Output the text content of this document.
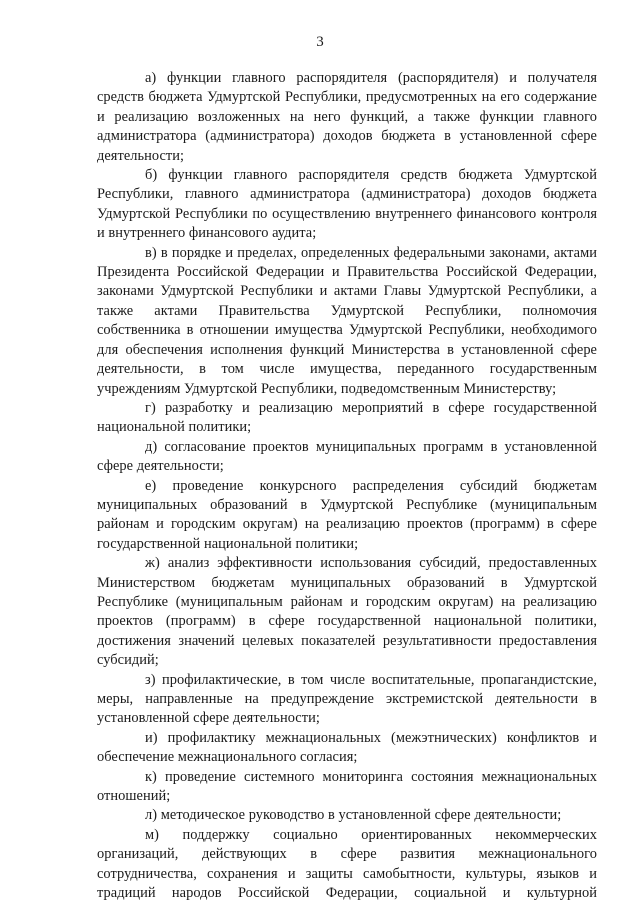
3

а) функции главного распорядителя (распорядителя) и получателя средств бюджета Удмуртской Республики, предусмотренных на его содержание и реализацию возложенных на него функций, а также функции главного администратора (администратора) доходов бюджета в установленной сфере деятельности;

б) функции главного распорядителя средств бюджета Удмуртской Республики, главного администратора (администратора) доходов бюджета Удмуртской Республики по осуществлению внутреннего финансового контроля и внутреннего финансового аудита;

в) в порядке и пределах, определенных федеральными законами, актами Президента Российской Федерации и Правительства Российской Федерации, законами Удмуртской Республики и актами Главы Удмуртской Республики, а также актами Правительства Удмуртской Республики, полномочия собственника в отношении имущества Удмуртской Республики, необходимого для обеспечения исполнения функций Министерства в установленной сфере деятельности, в том числе имущества, переданного государственным учреждениям Удмуртской Республики, подведомственным Министерству;

г) разработку и реализацию мероприятий в сфере государственной национальной политики;

д) согласование проектов муниципальных программ в установленной сфере деятельности;

е) проведение конкурсного распределения субсидий бюджетам муниципальных образований в Удмуртской Республике (муниципальным районам и городским округам) на реализацию проектов (программ) в сфере государственной национальной политики;

ж) анализ эффективности использования субсидий, предоставленных Министерством бюджетам муниципальных образований в Удмуртской Республике (муниципальным районам и городским округам) на реализацию проектов (программ) в сфере государственной национальной политики, достижения значений целевых показателей результативности предоставления субсидий;

з) профилактические, в том числе воспитательные, пропагандистские, меры, направленные на предупреждение экстремистской деятельности в установленной сфере деятельности;

и) профилактику межнациональных (межэтнических) конфликтов и обеспечение межнационального согласия;

к) проведение системного мониторинга состояния межнациональных отношений;

л) методическое руководство в установленной сфере деятельности;

м) поддержку социально ориентированных некоммерческих организаций, действующих в сфере развития межнационального сотрудничества, сохранения и защиты самобытности, культуры, языков и традиций народов Российской Федерации, социальной и культурной
